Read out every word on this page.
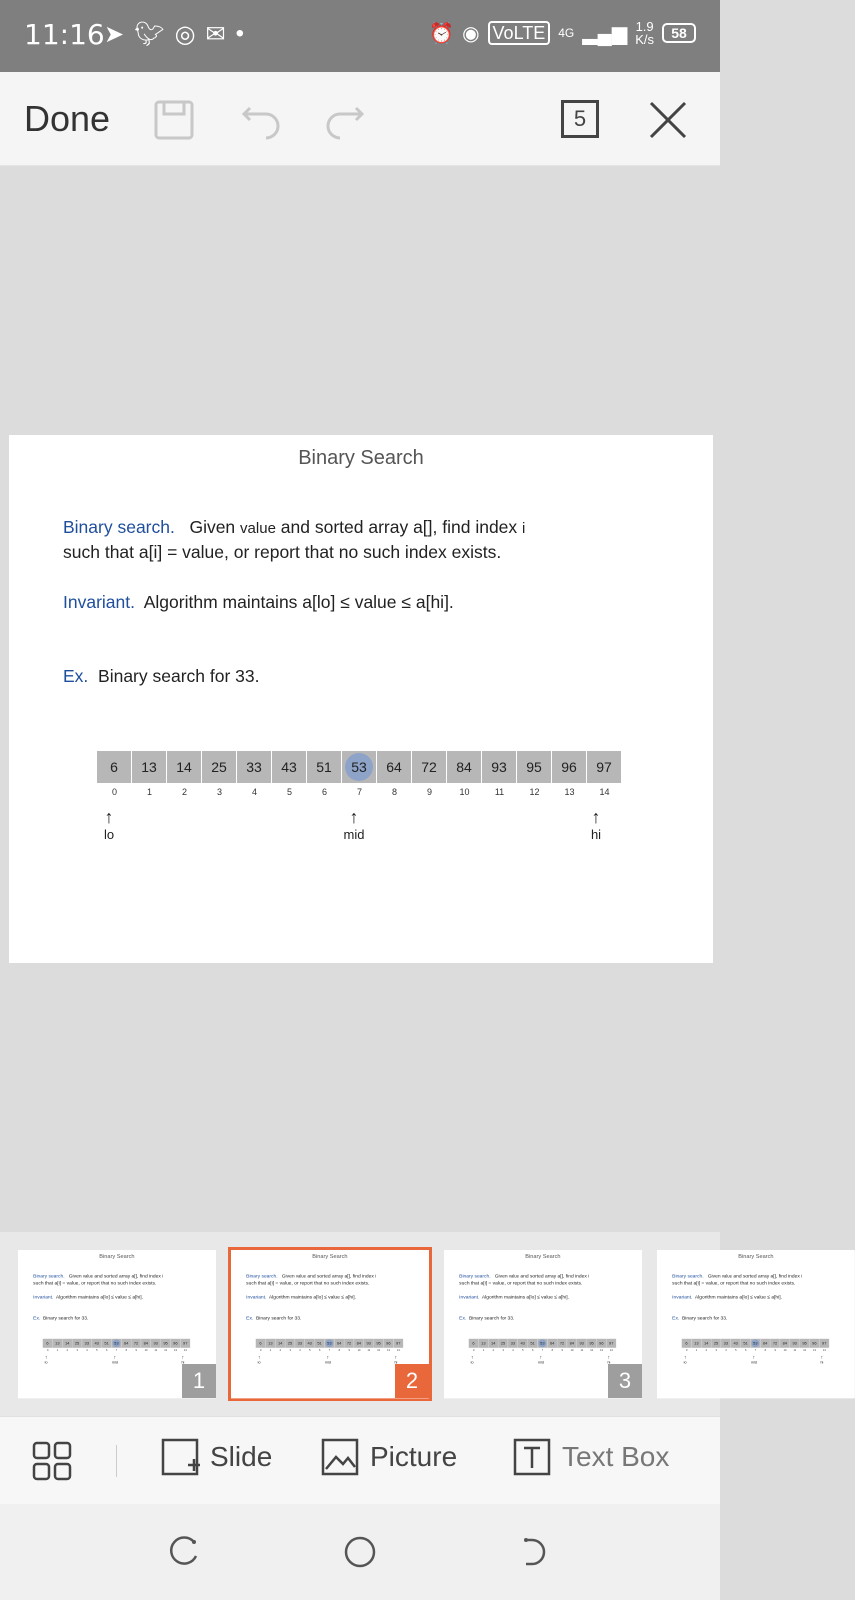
11:16 ➤ 🐦︎ ◎ ✉ •	⏰ ◉ VoLTE	4G ▂▄▆ 1.9
K/s	58
Done	5
Binary Search
Binary search. Given value and sorted array a[], find index i
such that a[i] = value, or report that no such index exists.
Invariant. Algorithm maintains a[lo] ≤ value ≤ a[hi].
Ex. Binary search for 33.
6 13 14 25 33 43 51	53	64 72 84 93 95 96 97
0	1	2	3	4	5	6	7	8	9	10	11	12	13	14
↑
lo
↑
mid
↑
hi
Binary Search
Binary search. Given value and sorted array a[], find index i
such that a[i] = value, or report that no such index exists.
Invariant. Algorithm maintains a[lo] ≤ value ≤ a[hi].
Ex. Binary search for 33.
6 13 14 25 33 43 51 53 64 72 84 93 95 96 97
0 1 2 3 4 5 6 7 8 9 10 11 12 13 14
↑
lo
↑
mid
↑
hi
1
Binary Search
Binary search. Given value and sorted array a[], find index i
such that a[i] = value, or report that no such index exists.
Invariant. Algorithm maintains a[lo] ≤ value ≤ a[hi].
Ex. Binary search for 33.
6 13 14 25 33 43 51 53 64 72 84 93 95 96 97
0 1 2 3 4 5 6 7 8 9 10 11 12 13 14
↑
lo
↑
mid
↑
hi
2
Binary Search
Binary search. Given value and sorted array a[], find index i
such that a[i] = value, or report that no such index exists.
Invariant. Algorithm maintains a[lo] ≤ value ≤ a[hi].
Ex. Binary search for 33.
6 13 14 25 33 43 51 53 64 72 84 93 95 96 97
0 1 2 3 4 5 6 7 8 9 10 11 12 13 14
↑
lo
↑
mid
↑
hi
3
Binary Search
Binary search. Given value and sorted array a[], find index i
such that a[i] = value, or report that no such index exists.
Invariant. Algorithm maintains a[lo] ≤ value ≤ a[hi].
Ex. Binary search for 33.
6 13 14 25 33 43 51 53 64 72 84 93 95 96 97
0 1 2 3 4 5 6 7 8 9 10 11 12 13 14
↑
lo
↑
mid
↑
hi
Slide	Picture	Text Box
